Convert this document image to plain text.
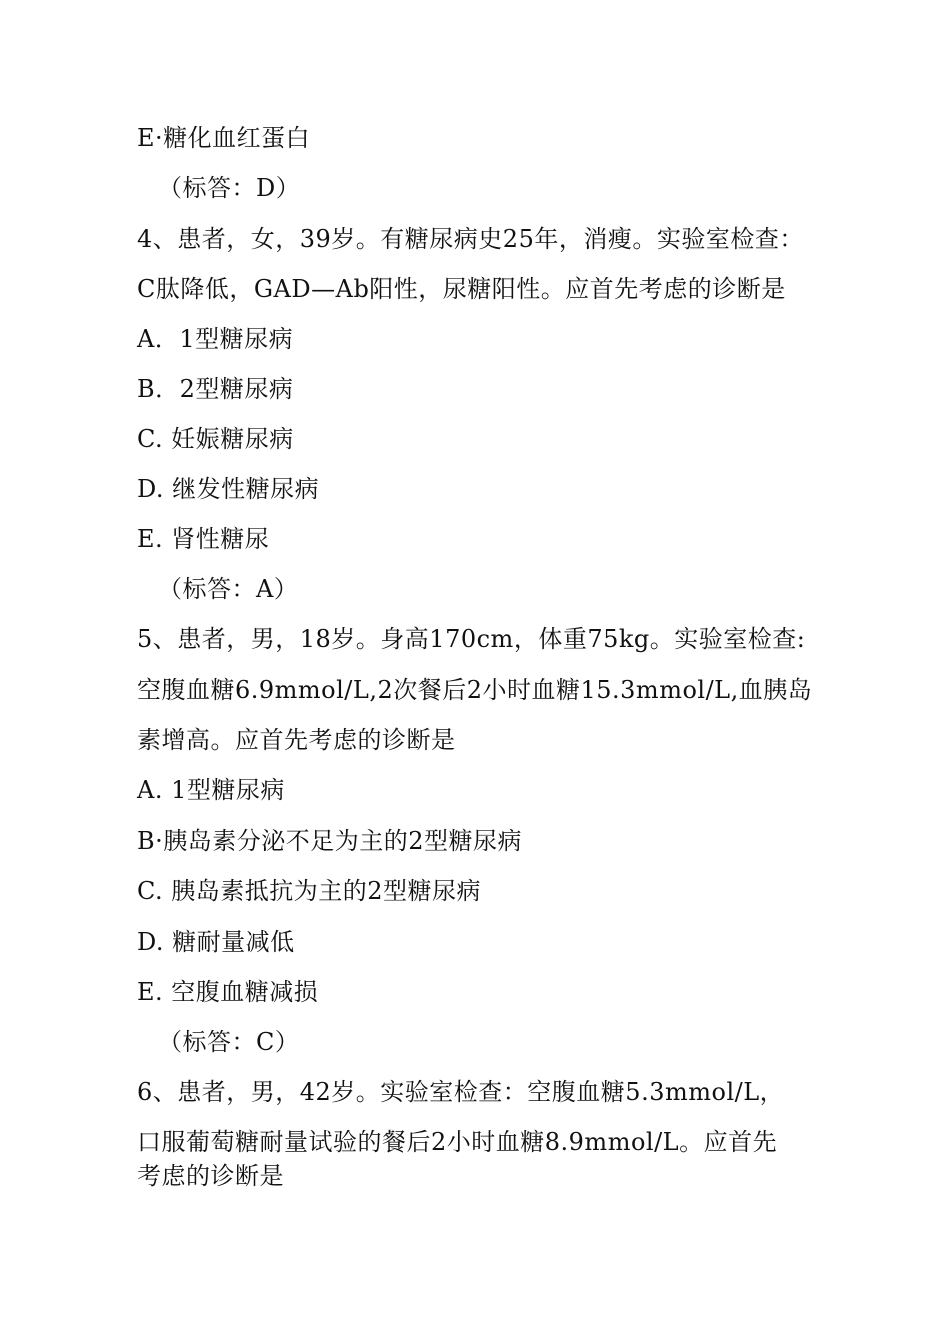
E·糖化血红蛋白
（标答：D）
4、患者，女，39岁。有糖尿病史25年，消瘦。实验室检查：
C肽降低，GAD—Ab阳性，尿糖阳性。应首先考虑的诊断是
A．1型糖尿病
B．2型糖尿病
C. 妊娠糖尿病
D. 继发性糖尿病
E. 肾性糖尿
（标答：A）
5、患者，男，18岁。身高170cm，体重75kg。实验室检查:
空腹血糖6.9mmol/L,2次餐后2小时血糖15.3mmol/L,血胰岛
素增高。应首先考虑的诊断是
A. 1型糖尿病
B·胰岛素分泌不足为主的2型糖尿病
C. 胰岛素抵抗为主的2型糖尿病
D. 糖耐量减低
E. 空腹血糖减损
（标答：C）
6、患者，男，42岁。实验室检查：空腹血糖5.3mmol/L，
口服葡萄糖耐量试验的餐后2小时血糖8.9mmol/L。应首先
考虑的诊断是
